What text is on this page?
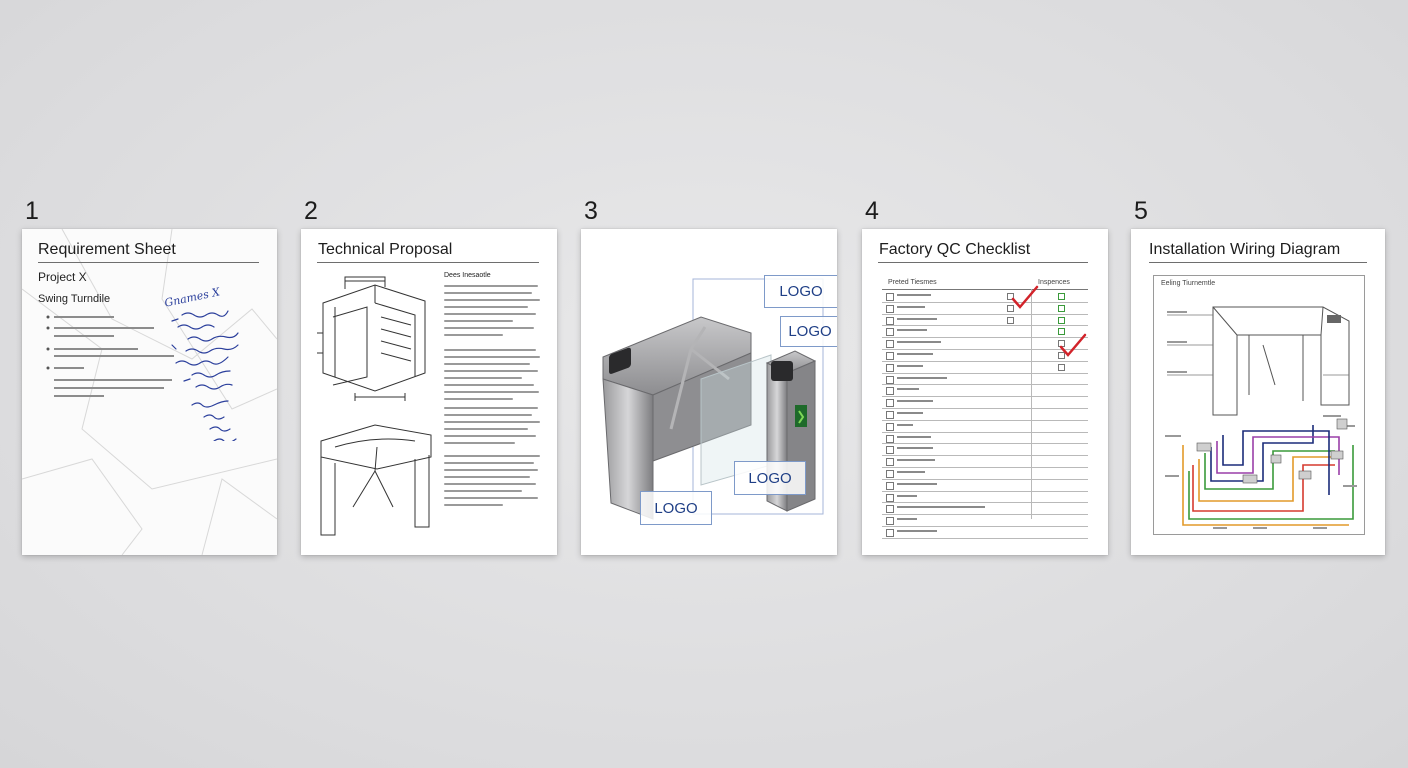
1	2	3	4	5
Requirement Sheet
Project X
Swing Turndile	Gnames X
Technical Proposal
Dees Inesaotle
LOGO
LOGO
LOGO
LOGO
Factory QC Checklist
Preted Tiesmes	Inspences
Installation Wiring Diagram
Eeling Tiurnemtle
